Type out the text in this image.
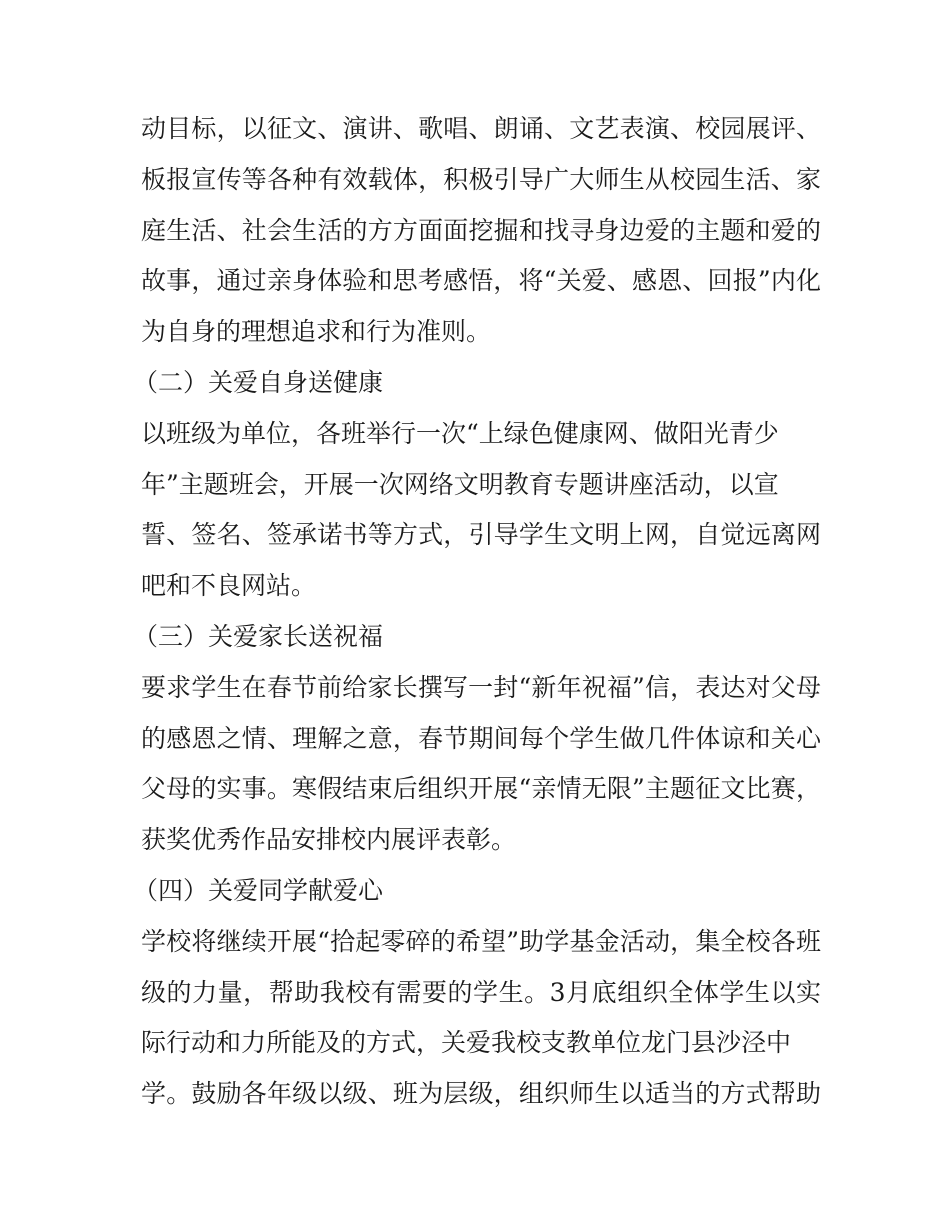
动目标，以征文、演讲、歌唱、朗诵、文艺表演、校园展评、
板报宣传等各种有效载体，积极引导广大师生从校园生活、家
庭生活、社会生活的方方面面挖掘和找寻身边爱的主题和爱的
故事，通过亲身体验和思考感悟，将“关爱、感恩、回报”内化
为自身的理想追求和行为准则。
（二）关爱自身送健康
以班级为单位，各班举行一次“上绿色健康网、做阳光青少
年”主题班会，开展一次网络文明教育专题讲座活动，以宣
誓、签名、签承诺书等方式，引导学生文明上网，自觉远离网
吧和不良网站。
（三）关爱家长送祝福
要求学生在春节前给家长撰写一封“新年祝福”信，表达对父母
的感恩之情、理解之意，春节期间每个学生做几件体谅和关心
父母的实事。寒假结束后组织开展“亲情无限”主题征文比赛，
获奖优秀作品安排校内展评表彰。
（四）关爱同学献爱心
学校将继续开展“拾起零碎的希望”助学基金活动，集全校各班
级的力量，帮助我校有需要的学生。3月底组织全体学生以实
际行动和力所能及的方式，关爱我校支教单位龙门县沙泾中
学。鼓励各年级以级、班为层级，组织师生以适当的方式帮助
